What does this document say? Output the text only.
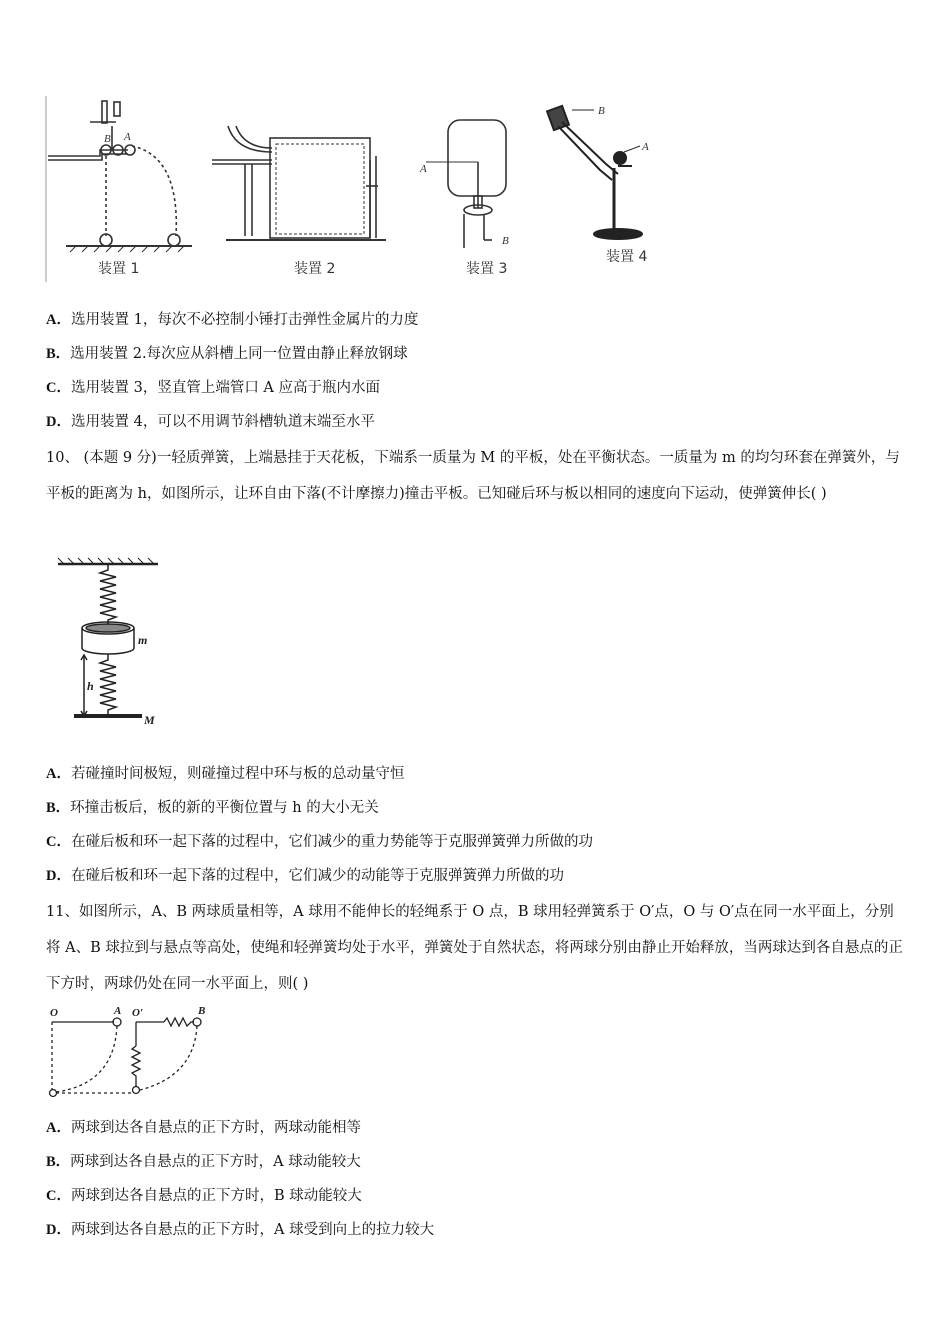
B A
A
B
B
A
装置 1	装置 2	装置 3
装置 4
A．选用装置 1，每次不必控制小锤打击弹性金属片的力度
B．选用装置 2.每次应从斜槽上同一位置由静止释放钢球
C．选用装置 3，竖直管上端管口 A 应高于瓶内水面
D．选用装置 4，可以不用调节斜槽轨道末端至水平
10、 (本题 9 分)一轻质弹簧，上端悬挂于天花板，下端系一质量为 M 的平板，处在平衡状态。一质量为 m 的均匀环套在弹簧外，与平板的距离为 h，如图所示，让环自由下落(不计摩擦力)撞击平板。已知碰后环与板以相同的速度向下运动，使弹簧伸长( )
m
h
M
A．若碰撞时间极短，则碰撞过程中环与板的总动量守恒
B．环撞击板后，板的新的平衡位置与 h 的大小无关
C．在碰后板和环一起下落的过程中，它们减少的重力势能等于克服弹簧弹力所做的功
D．在碰后板和环一起下落的过程中，它们减少的动能等于克服弹簧弹力所做的功
11、如图所示，A、B 两球质量相等，A 球用不能伸长的轻绳系于 O 点，B 球用轻弹簧系于 O′点，O 与 O′点在同一水平面上，分别将 A、B 球拉到与悬点等高处，使绳和轻弹簧均处于水平，弹簧处于自然状态，将两球分别由静止开始释放，当两球达到各自悬点的正下方时，两球仍处在同一水平面上，则( )
O	A O′	B
A．两球到达各自悬点的正下方时，两球动能相等
B．两球到达各自悬点的正下方时，A 球动能较大
C．两球到达各自悬点的正下方时，B 球动能较大
D．两球到达各自悬点的正下方时，A 球受到向上的拉力较大
